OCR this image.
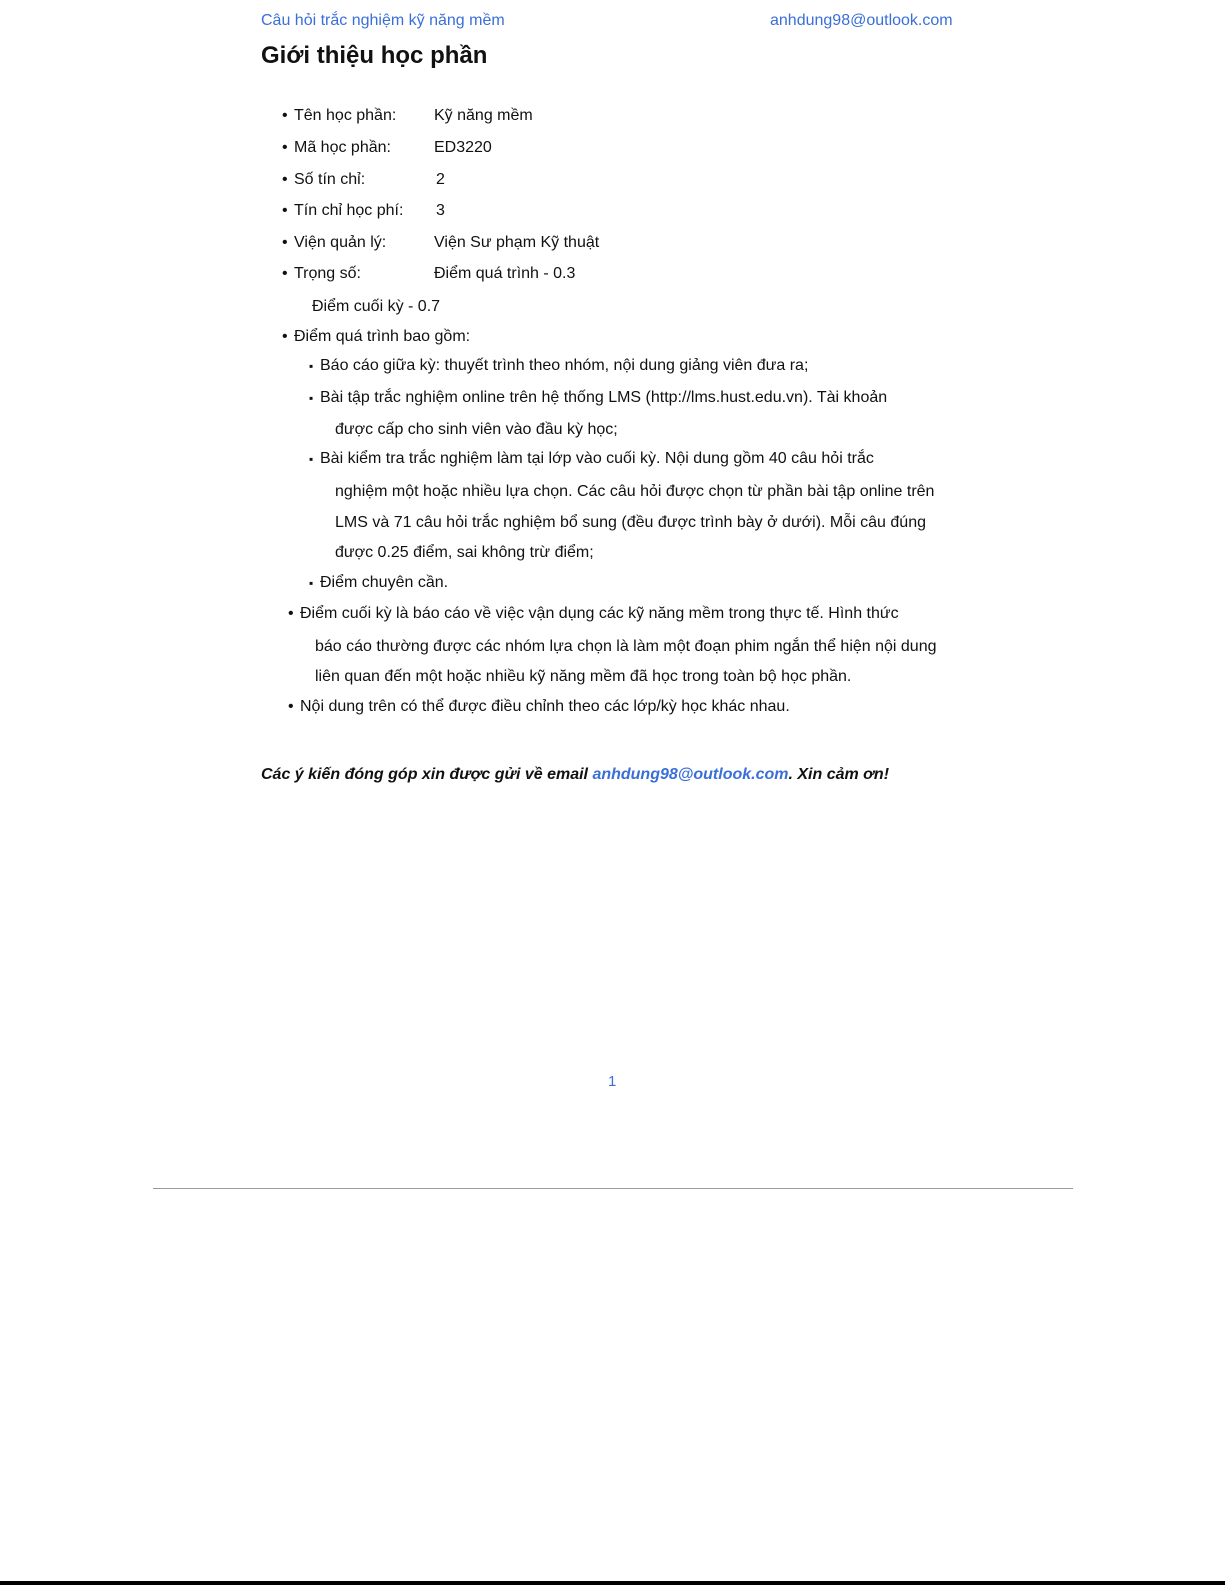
Câu hỏi trắc nghiệm kỹ năng mềm	anhdung98@outlook.com
Giới thiệu học phần
• Tên học phần: Kỹ năng mềm
• Mã học phần:	ED3220
• Số tín chỉ:	2
• Tín chỉ học phí: 3
• Viện quản lý:	Viện Sư phạm Kỹ thuật
• Trọng số:	Điểm quá trình - 0.3
Điểm cuối kỳ - 0.7
• Điểm quá trình bao gồm:
▪ Báo cáo giữa kỳ: thuyết trình theo nhóm, nội dung giảng viên đưa ra;
▪ Bài tập trắc nghiệm online trên hệ thống LMS (http://lms.hust.edu.vn). Tài khoản
được cấp cho sinh viên vào đầu kỳ học;
▪ Bài kiểm tra trắc nghiệm làm tại lớp vào cuối kỳ. Nội dung gồm 40 câu hỏi trắc
nghiệm một hoặc nhiều lựa chọn. Các câu hỏi được chọn từ phần bài tập online trên
LMS và 71 câu hỏi trắc nghiệm bổ sung (đều được trình bày ở dưới). Mỗi câu đúng
được 0.25 điểm, sai không trừ điểm;
▪ Điểm chuyên cần.
• Điểm cuối kỳ là báo cáo về việc vận dụng các kỹ năng mềm trong thực tế. Hình thức
báo cáo thường được các nhóm lựa chọn là làm một đoạn phim ngắn thể hiện nội dung
liên quan đến một hoặc nhiều kỹ năng mềm đã học trong toàn bộ học phần.
• Nội dung trên có thể được điều chỉnh theo các lớp/kỳ học khác nhau.
Các ý kiến đóng góp xin được gửi về email anhdung98@outlook.com. Xin cảm ơn!
1
